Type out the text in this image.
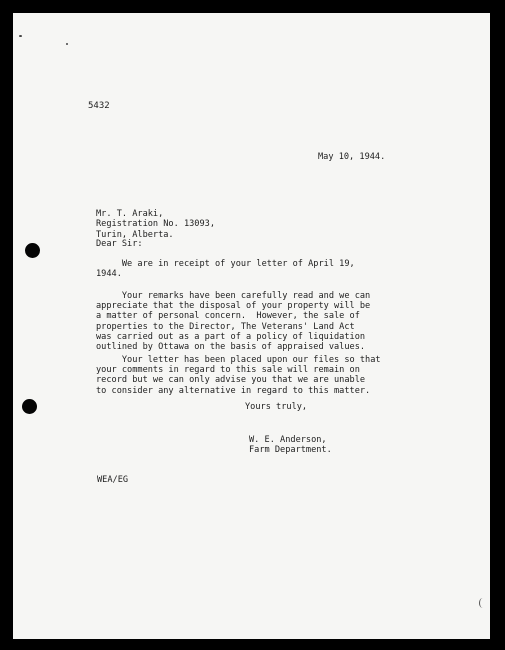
5432
May 10, 1944.

Mr. T. Araki,
Registration No. 13093,
Turin, Alberta.

Dear Sir:
We are in receipt of your letter of April 19,
1944.
Your remarks have been carefully read and we can
appreciate that the disposal of your property will be
a matter of personal concern.  However, the sale of
properties to the Director, The Veterans' Land Act
was carried out as a part of a policy of liquidation
outlined by Ottawa on the basis of appraised values.
Your letter has been placed upon our files so that
your comments in regard to this sale will remain on
record but we can only advise you that we are unable
to consider any alternative in regard to this matter.
Yours truly,
W. E. Anderson,
Farm Department.
WEA/EG
